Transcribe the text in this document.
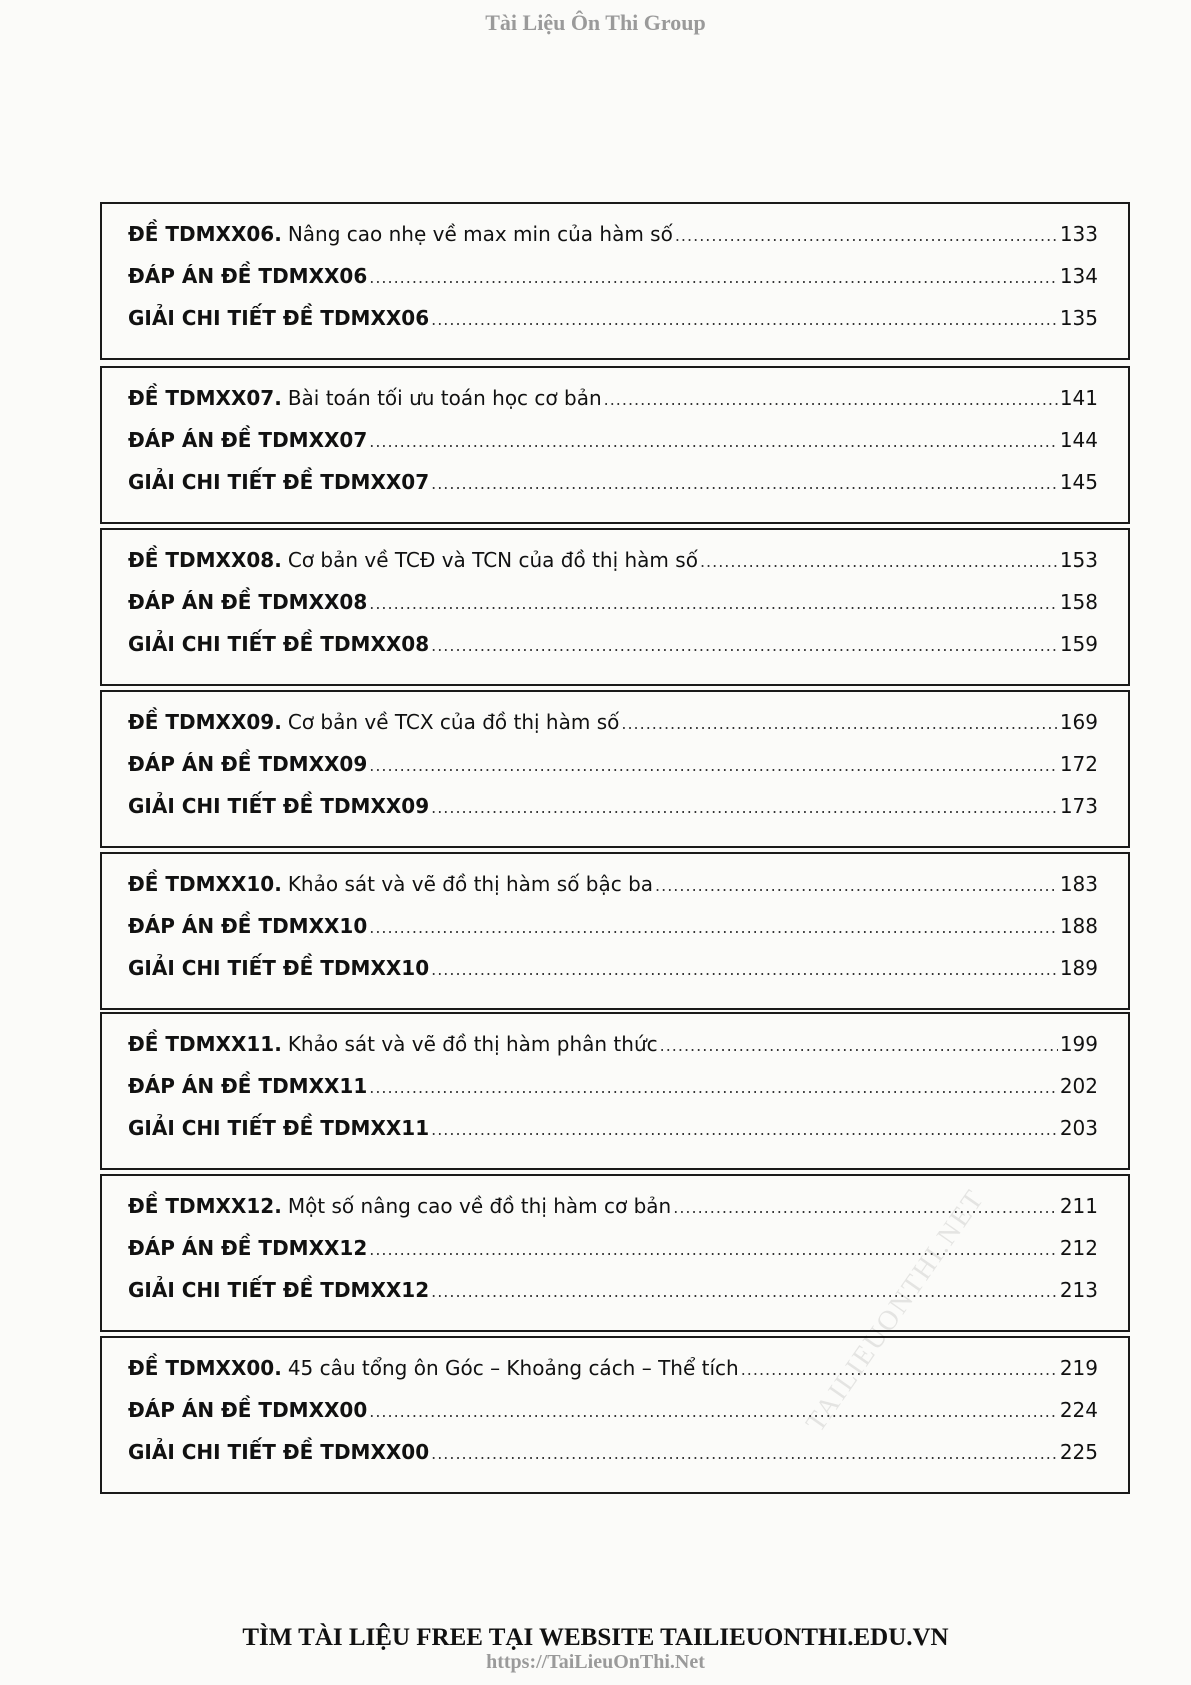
Tài Liệu Ôn Thi Group
ĐỀ TDMXX06. Nâng cao nhẹ về max min của hàm số .....	133
ĐÁP ÁN ĐỀ TDMXX06 .....	134
GIẢI CHI TIẾT ĐỀ TDMXX06 .....	135
ĐỀ TDMXX07. Bài toán tối ưu toán học cơ bản .....	141
ĐÁP ÁN ĐỀ TDMXX07 .....	144
GIẢI CHI TIẾT ĐỀ TDMXX07 .....	145
ĐỀ TDMXX08. Cơ bản về TCĐ và TCN của đồ thị hàm số .....	153
ĐÁP ÁN ĐỀ TDMXX08 .....	158
GIẢI CHI TIẾT ĐỀ TDMXX08 .....	159
ĐỀ TDMXX09. Cơ bản về TCX của đồ thị hàm số .....	169
ĐÁP ÁN ĐỀ TDMXX09 .....	172
GIẢI CHI TIẾT ĐỀ TDMXX09 .....	173
ĐỀ TDMXX10. Khảo sát và vẽ đồ thị hàm số bậc ba .....	183
ĐÁP ÁN ĐỀ TDMXX10 .....	188
GIẢI CHI TIẾT ĐỀ TDMXX10 .....	189
ĐỀ TDMXX11. Khảo sát và vẽ đồ thị hàm phân thức .....	199
ĐÁP ÁN ĐỀ TDMXX11 .....	202
GIẢI CHI TIẾT ĐỀ TDMXX11 .....	203
ĐỀ TDMXX12. Một số nâng cao về đồ thị hàm cơ bản .....	211
ĐÁP ÁN ĐỀ TDMXX12 .....	212
GIẢI CHI TIẾT ĐỀ TDMXX12 .....	213
ĐỀ TDMXX00. 45 câu tổng ôn Góc – Khoảng cách – Thể tích .....	219
ĐÁP ÁN ĐỀ TDMXX00 .....	224
GIẢI CHI TIẾT ĐỀ TDMXX00 .....	225
TAILIEUONTHI.NET
TÌM TÀI LIỆU FREE TẠI WEBSITE TAILIEUONTHI.EDU.VN
https://TaiLieuOnThi.Net
